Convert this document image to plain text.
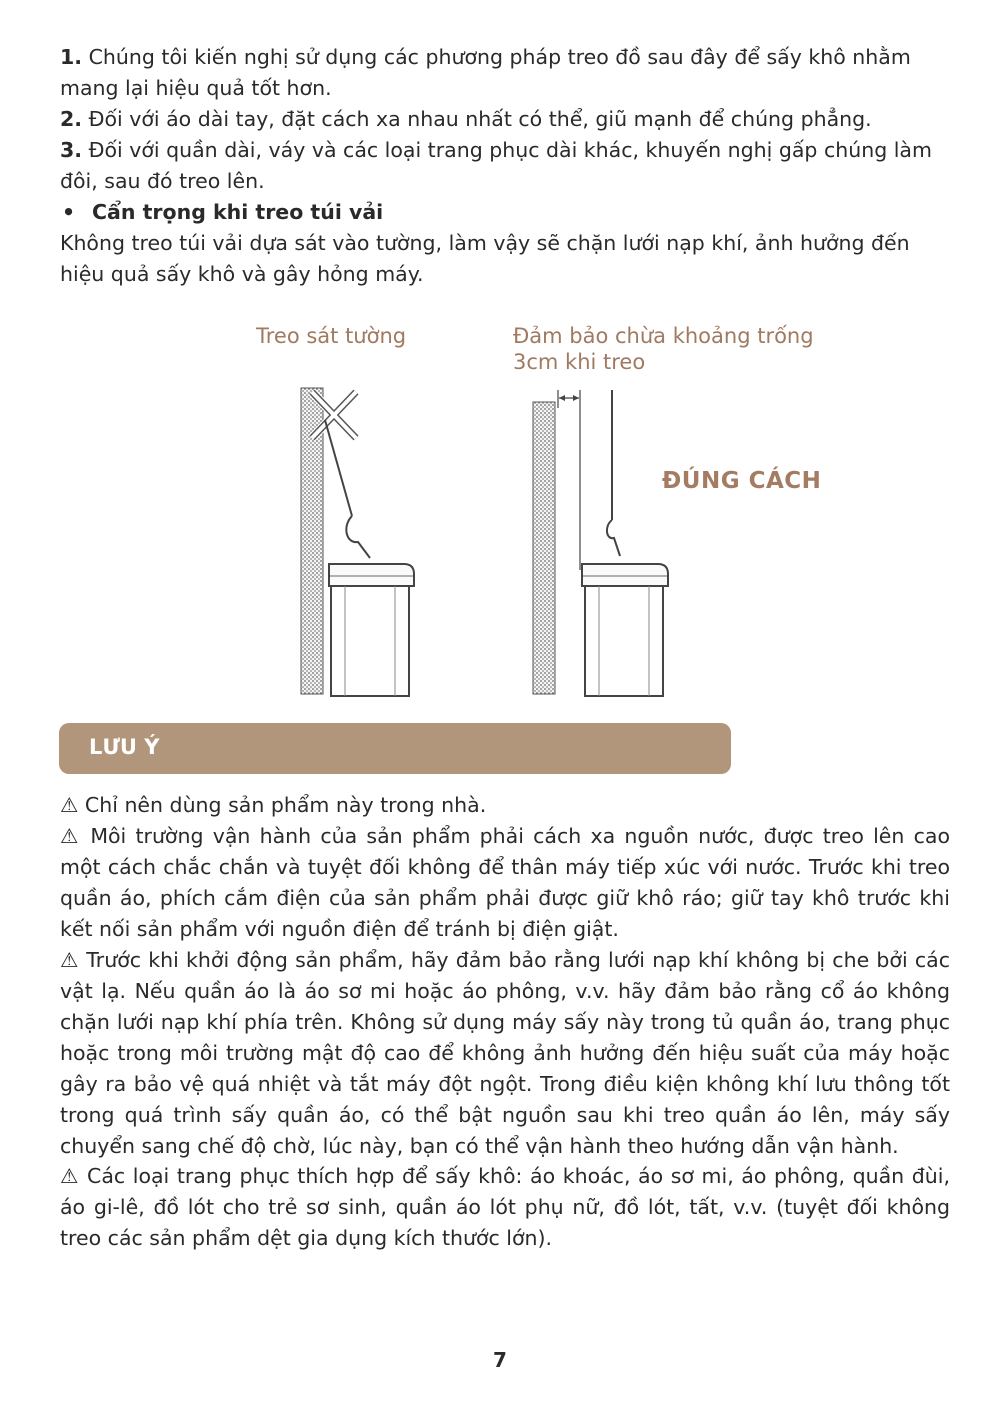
1. Chúng tôi kiến nghị sử dụng các phương pháp treo đồ sau đây để sấy khô nhằm mang lại hiệu quả tốt hơn.

2. Đối với áo dài tay, đặt cách xa nhau nhất có thể, giũ mạnh để chúng phẳng.

3. Đối với quần dài, váy và các loại trang phục dài khác, khuyến nghị gấp chúng làm đôi, sau đó treo lên.

• Cẩn trọng khi treo túi vải

Không treo túi vải dựa sát vào tường, làm vậy sẽ chặn lưới nạp khí, ảnh hưởng đến hiệu quả sấy khô và gây hỏng máy.

Treo sát tường	Đảm bảo chừa khoảng trống
3cm khi treo
ĐÚNG CÁCH
LƯU Ý

⚠ Chỉ nên dùng sản phẩm này trong nhà.

⚠ Môi trường vận hành của sản phẩm phải cách xa nguồn nước, được treo lên cao một cách chắc chắn và tuyệt đối không để thân máy tiếp xúc với nước. Trước khi treo quần áo, phích cắm điện của sản phẩm phải được giữ khô ráo; giữ tay khô trước khi kết nối sản phẩm với nguồn điện để tránh bị điện giật.

⚠ Trước khi khởi động sản phẩm, hãy đảm bảo rằng lưới nạp khí không bị che bởi các vật lạ. Nếu quần áo là áo sơ mi hoặc áo phông, v.v. hãy đảm bảo rằng cổ áo không chặn lưới nạp khí phía trên. Không sử dụng máy sấy này trong tủ quần áo, trang phục hoặc trong môi trường mật độ cao để không ảnh hưởng đến hiệu suất của máy hoặc gây ra bảo vệ quá nhiệt và tắt máy đột ngột. Trong điều kiện không khí lưu thông tốt trong quá trình sấy quần áo, có thể bật nguồn sau khi treo quần áo lên, máy sấy chuyển sang chế độ chờ, lúc này, bạn có thể vận hành theo hướng dẫn vận hành.

⚠ Các loại trang phục thích hợp để sấy khô: áo khoác, áo sơ mi, áo phông, quần đùi, áo gi-lê, đồ lót cho trẻ sơ sinh, quần áo lót phụ nữ, đồ lót, tất, v.v. (tuyệt đối không treo các sản phẩm dệt gia dụng kích thước lớn).

7
